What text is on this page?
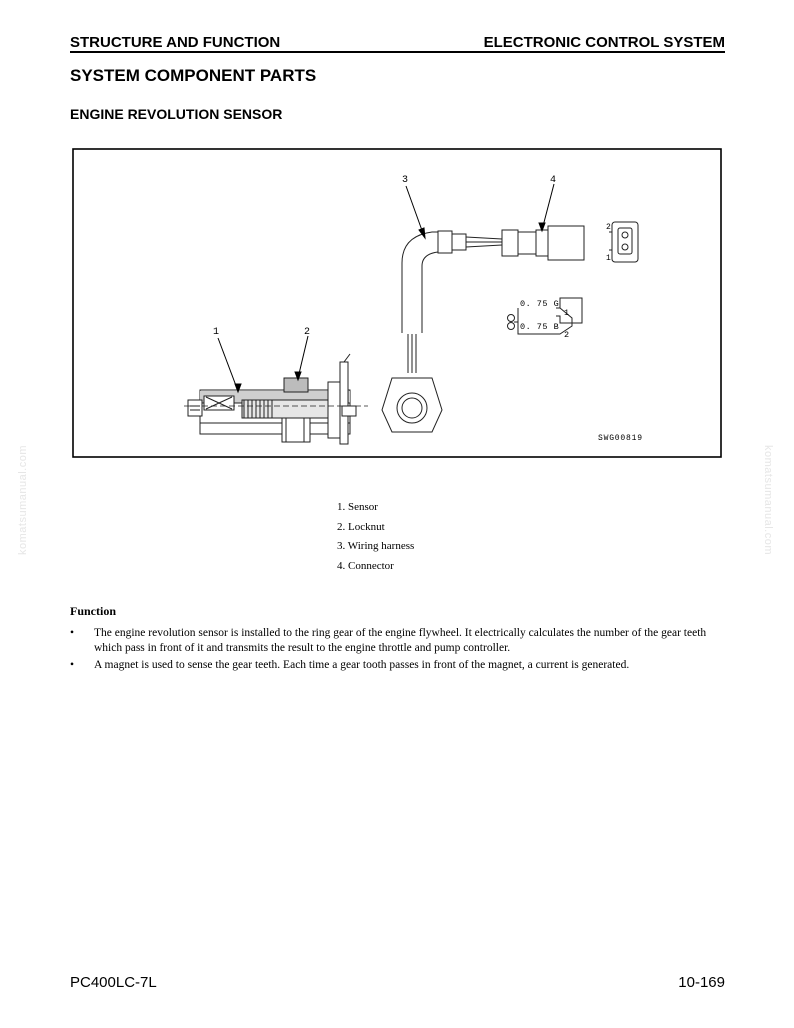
STRUCTURE AND FUNCTION	ELECTRONIC CONTROL SYSTEM
SYSTEM COMPONENT PARTS
ENGINE REVOLUTION SENSOR
1	2
3	4
2
1
0. 75 G
1
0. 75 B
2
SWG00819
1. Sensor
2. Locknut
3. Wiring harness
4. Connector
Function
• The engine revolution sensor is installed to the ring gear of the engine flywheel. It electrically calculates the number of the gear teeth which pass in front of it and transmits the result to the engine throttle and pump controller.
• A magnet is used to sense the gear teeth. Each time a gear tooth passes in front of the magnet, a current is generated.
komatsumanual.com	komatsumanual.com
PC400LC-7L	10-169
